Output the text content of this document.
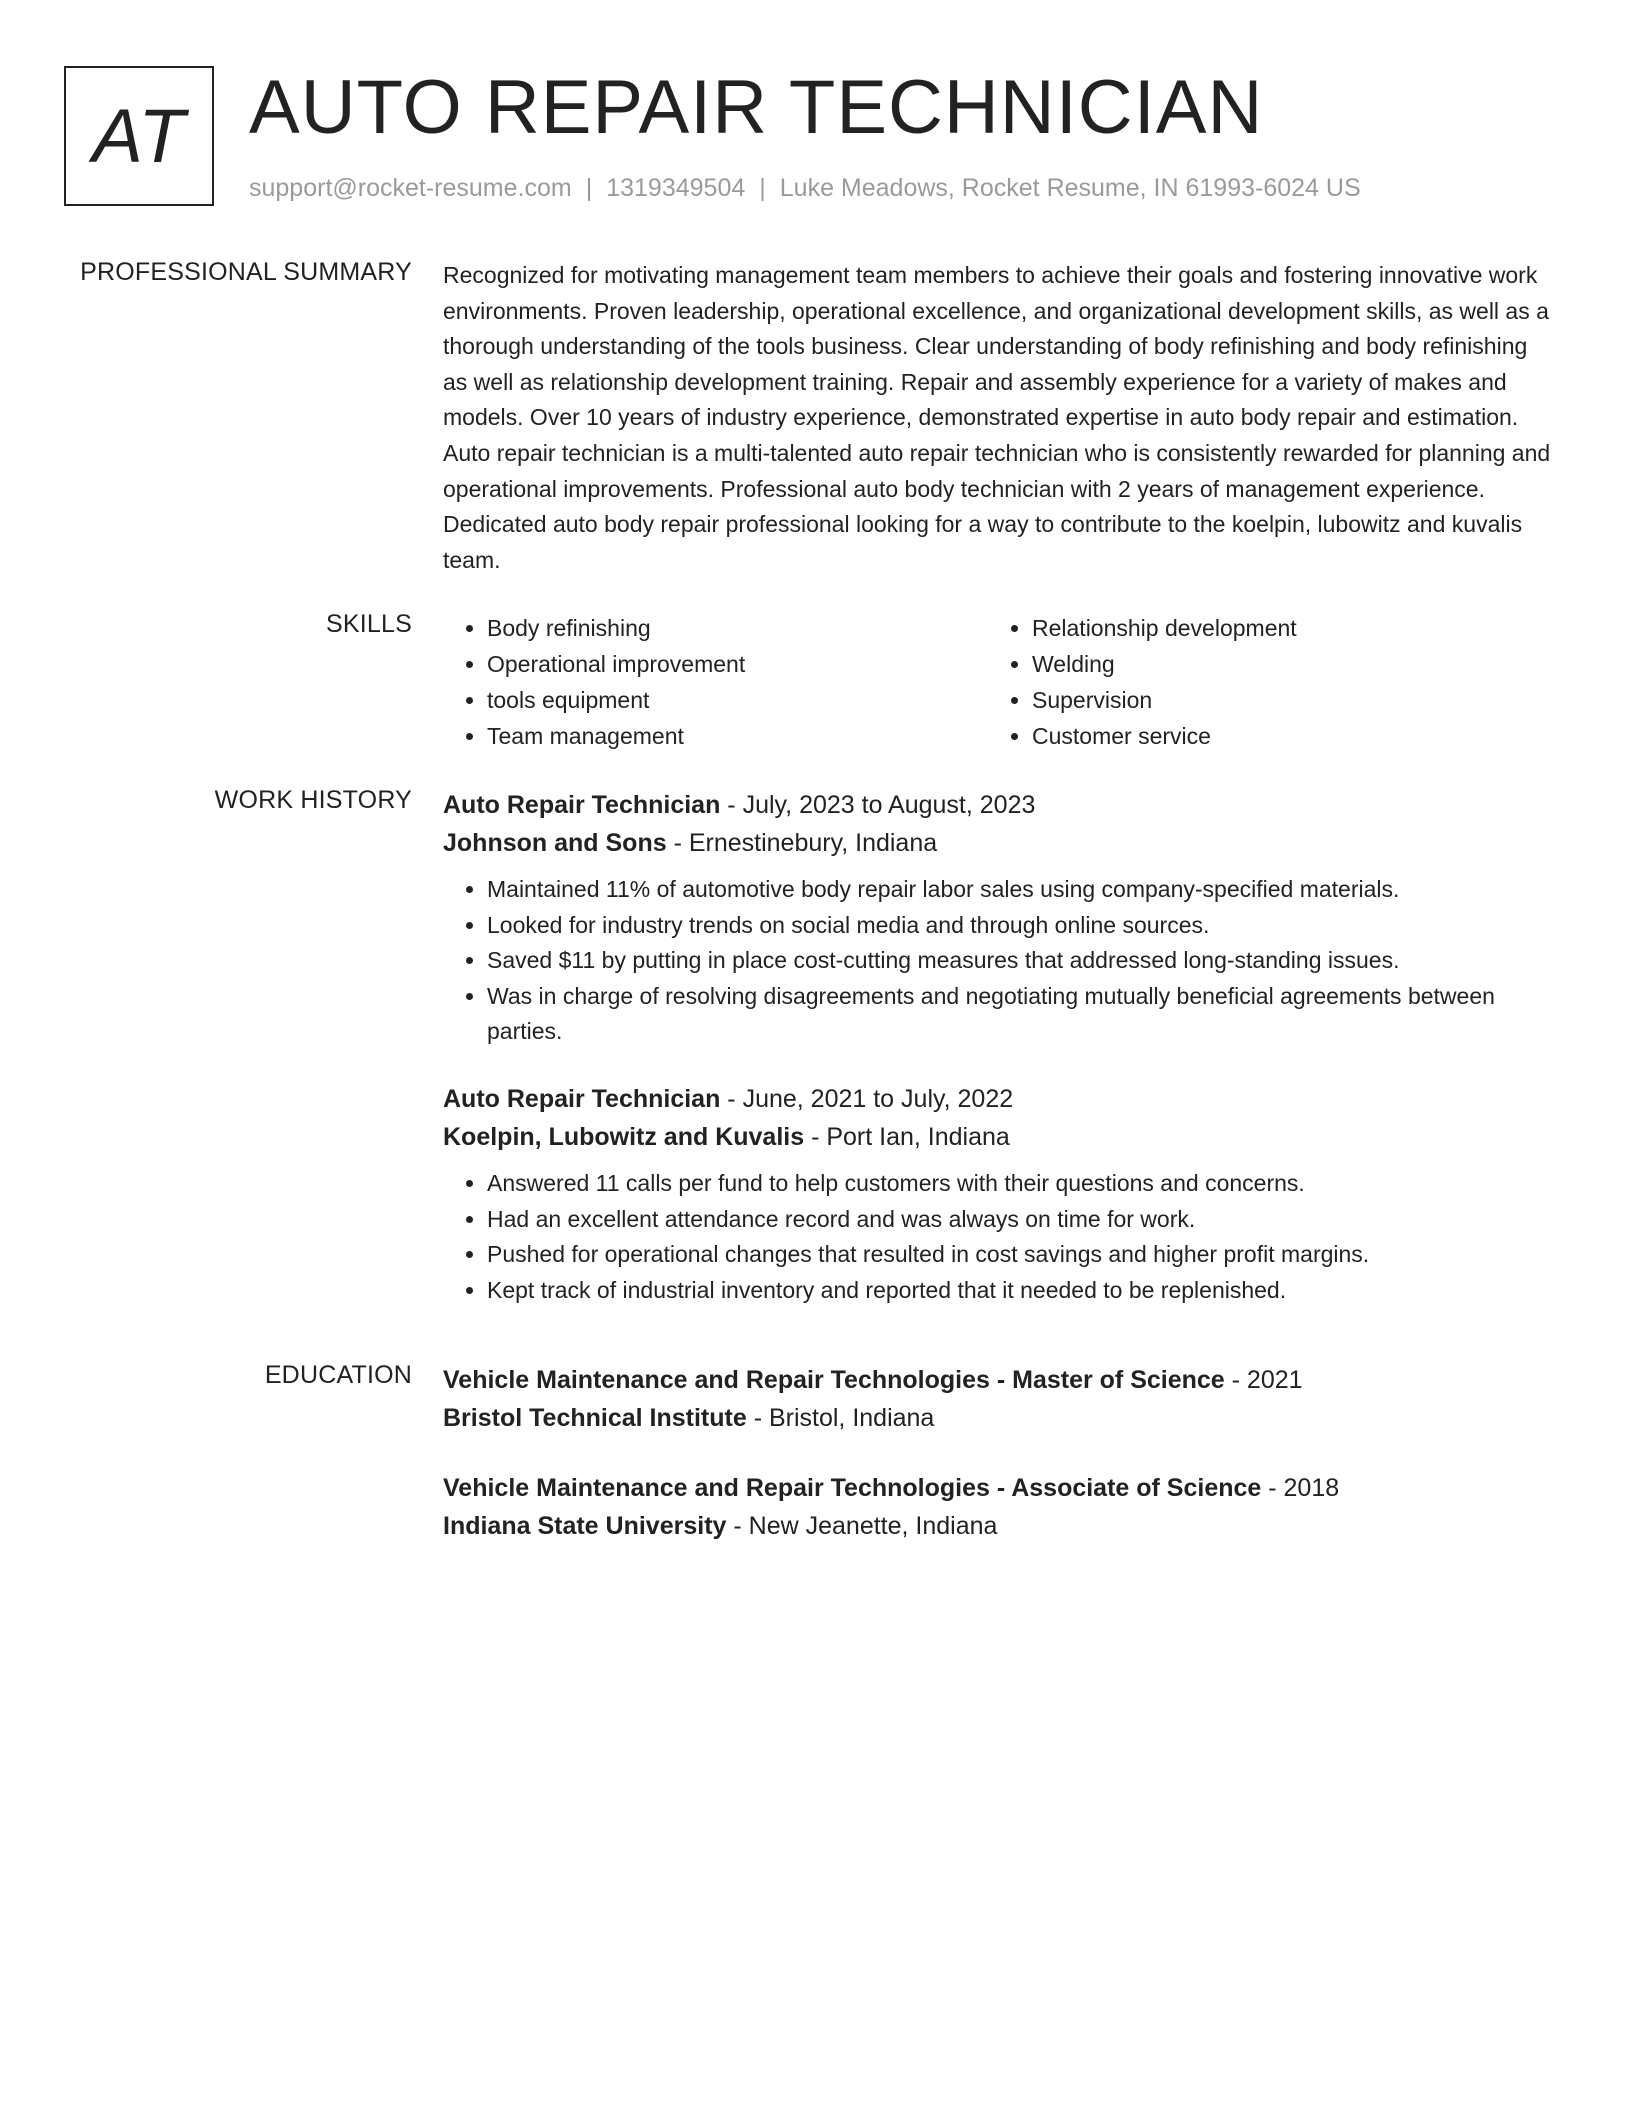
AT AUTO REPAIR TECHNICIAN
support@rocket-resume.com | 1319349504 | Luke Meadows, Rocket Resume, IN 61993-6024 US
PROFESSIONAL SUMMARY Recognized for motivating management team members to achieve their goals and fostering innovative work environments. Proven leadership, operational excellence, and organizational development skills, as well as a thorough understanding of the tools business. Clear understanding of body refinishing and body refinishing as well as relationship development training. Repair and assembly experience for a variety of makes and models. Over 10 years of industry experience, demonstrated expertise in auto body repair and estimation. Auto repair technician is a multi-talented auto repair technician who is consistently rewarded for planning and operational improvements. Professional auto body technician with 2 years of management experience. Dedicated auto body repair professional looking for a way to contribute to the koelpin, lubowitz and kuvalis team.

SKILLS
•	Body refinishing
• Operational improvement
• tools equipment
• Team management
• Relationship development
• Welding
• Supervision
• Customer service
WORK HISTORY Auto Repair Technician - July, 2023 to August, 2023
Johnson and Sons - Ernestinebury, Indiana
• Maintained 11% of automotive body repair labor sales using company-specified materials.
• Looked for industry trends on social media and through online sources.
• Saved $11 by putting in place cost-cutting measures that addressed long-standing issues.
• Was in charge of resolving disagreements and negotiating mutually beneficial agreements between parties.
Auto Repair Technician - June, 2021 to July, 2022
Koelpin, Lubowitz and Kuvalis - Port Ian, Indiana
• Answered 11 calls per fund to help customers with their questions and concerns.
• Had an excellent attendance record and was always on time for work.
• Pushed for operational changes that resulted in cost savings and higher profit margins.
• Kept track of industrial inventory and reported that it needed to be replenished.
EDUCATION Vehicle Maintenance and Repair Technologies - Master of Science - 2021
Bristol Technical Institute - Bristol, Indiana
Vehicle Maintenance and Repair Technologies - Associate of Science - 2018
Indiana State University - New Jeanette, Indiana
